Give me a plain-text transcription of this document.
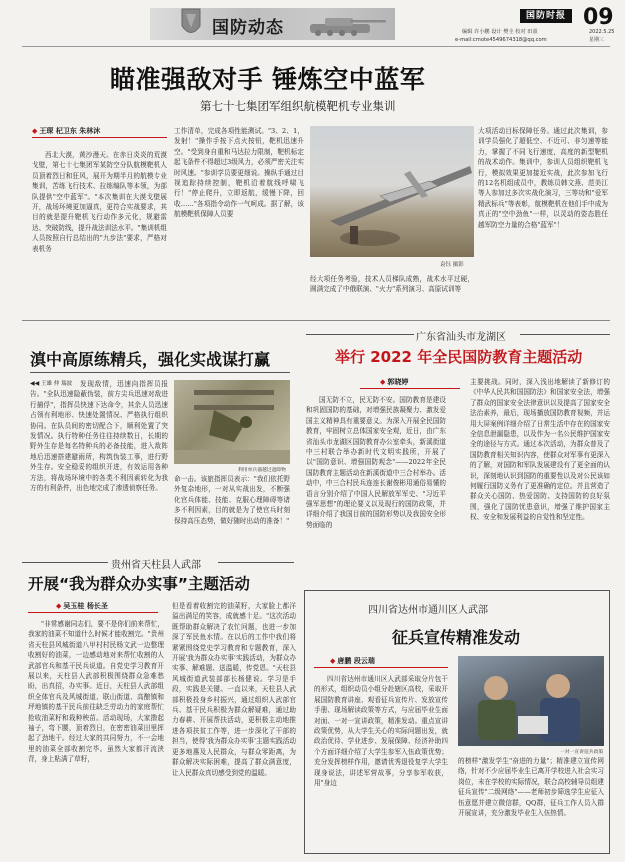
国防动态
国防时报 09
2022.5.25
星期三
编辑 许小鹏 设计 樊圭 校对 田盈
e-mail:cmote4549674318@qq.com
瞄准强敌对手 锤炼空中蓝军
第七十七集团军组织航模靶机专业集训
◆ 王琛 杞卫东 朱林沐
西北大漠，黄沙漫天。在赤日炎炎的荒漠戈壁，第七十七集团军某防空分队航模靶机人员顶着烈日和狂风，展开为期半月的航模专业集训，苦练飞行技术、拉练编队等本领，为部队提供"空中蓝军"。"本次集训在大漠戈壁展开，战场环境更加逼真，更符合实战要求，其目的就是提升靶机飞行动作多元化，规避雷达、突破防线，提升战法训法水平。"集训机组人员按照自行总结出的"九步法"要求，严格对表机务
工作清单，完成各项性能测试。"3、2、1，发射！"操作手按下点火按钮，靶机迅速升空。"受到身自重和马达拉力限制，靶机标定起飞条件不得超过3级风力，必须严密关注实时风速。"参训学员要更细说。操纵手通过目视追踪持续控制，靶机沿着航线呼啸飞行！"停止爬升，立即返航，缓慢下降，回收……"各项指令动作一气呵成。据了解，该航模靶机保障人员要
袁钰 摄影
经大项任务考验，技术人员梯队成熟，战术水平过硬，圆满完成了中俄联演、"火力"系列演习、高原试训等
大项活动目标保障任务。通过此次集训，参训学员强化了超低空、不近可、非匀速等能力，掌握了不同飞行速度，高度的新型靶机的战术动作。集训中，参训人员组织靶机飞行，模拟效果更加接近实战，此次参加飞行的12名机组成员中，教练员韩文燕、范美江等人参加过多次实战化演习，三等功和"爱军精武标兵"等表彰，航模靶机在他们手中成为真正的"空中劲鱼"一样，以灵动的姿态胜任越军防空力量的合格"蓝军"！
滇中高原练精兵，强化实战谋打赢
◀◀ 王雄 仲 瑞波	发现敌情，迅速向指挥员报告。"全队迅速隐蔽伪装，前方尖兵迅速对敌进行捕俘"，指挥员快速下达命令，其余人员迅速占领有利地形、快速处置情况、严格执行组织协同。在队员间的密切配合下，顺利处置了突发情况。执行特种任务往往持续数日，长期的野外生存是每名特种兵的必备技能，进入敌阵地后迅速搭建避雨所，构筑伪装工事，进行野外生存。安全稳妥的组织开进，有效运用各种方法，将战场环境中的各类不利因素转化为我方的有利条件，出色地完成了渗透侦察任务。
利用单兵器越过遮障物
命一击。该旅指挥员表示："我们依托野外复杂地形，一对从实战出发，不断强化官兵体能、技能、克服心理障碍等诸多不利因素，目的就是为了使官兵时刻保持高压态势，做好随时出动的准备！"
广东省汕头市龙湖区
举行 2022 年全民国防教育主题活动
◆ 郭晓婷
国无防不立，民无防不安。国防教育是建设和巩固国防的基础，对增强民族凝聚力、激发爱国主义精神具有重要意义。为深入开展全民国防教育，牢固树立总体国家安全观，近日，由广东省汕头市龙湖区国防教育办公室牵头，新溪街道中三村联合举办新时代文明实践所，开展了以"国防意识、增强国防观念"——2022年全民国防教育主题活动在新溪街道中三合村举办。活动中，中三合村民兵连连长谢俊彬用通俗易懂的语言分别介绍了中国人民解放军军史、"习近平强军思想"的理论要义以及现行的国防政策，并详细介绍了我国目前的国防形势以及我国安全形势面临的
主要挑战。同时，深入浅出地解读了新修订的《中华人民共和国国防法》和国家安全法，增强了群众的国家安全法律意识以及提高了国家安全法治素养，最后，现场播放国防教育视频，并运用大屏案例详细介绍了日常生活中存在的国家安全信息泄漏隐患，以及作为一名公民维护国家安全的途径与方式。通过本次活动，为群众普及了国防教育相关知识内容，使群众对军事有更深入的了解，对国防和军队发展建设有了更全面的认识，深刻地认识到国防的重要性以及对公民该如何履行国防义务有了更准确的定位。并且营造了群众关心国防、热爱国防、支持国防的良好氛围，强化了国防忧患意识，增强了维护国家主权、安全和发展利益的自觉性和坚定性。
贵州省天柱县人武部
开展“我为群众办实事”主题活动
◆ 吴玉桂 杨长圣
"非常感谢同志们，要不是你们前来帮忙，我家的油菜不知道什么时候才能收割完。"贵州省天柱县风城街道八甲村村民杨文武一边整理收割好的油菜，一边感动地对来帮忙收割的人武部官兵和基干民兵说道。自党史学习教育开展以来，天柱县人武部积极围绕群众急难愁盼，出真招，办实事。近日，天柱县人武部组织全体官兵及风城街道、联山街道、高酿镇和坪地镇的基干民兵前往缺乏劳动力的家庭帮忙抢收油菜籽和栽种秧苗。活动现场，大家撸起袖子，弯下腰，顶着烈日，在密密油菜田里挥起了劲地干。经过大家的共同努力，不一会地里的油菜全部收割完毕。虽然大家都汗流浃背，身上粘满了草籽，
但是看着收割完的油菜籽，大家脸上都洋溢出满足的笑容，成就感十足。"这次活动既帮助群众解决了农忙问题，也进一步加深了军民鱼水情。在以后的工作中我们将紧紧围绕党史学习教育和专题教育，深入开展'我为群众办实事'实践活动，为群众办实事、解难题、送温暖，传党恩。"天柱县风城街道武装部部长杨健说。学习是手段，实践是关键。一直以来，天柱县人武部积极投身乡村振兴，通过组织人武部官兵、基干民兵积极为群众解疑难，通过助力春耕、开展帮扶活动，更积极主动地推进各项扶贫工作等，进一步深化了干部的担当，使得'我为群众办实事'主题实践活动更多地惠及人民群众，与群众零距离，为群众解决实际困难，提高了群众满意度，让人民群众真切感受到党的温暖。
四川省达州市通川区人武部
征兵宣传精准发动
◆ 唐鹏 段云瑞
四川省达州市通川区人武部采取分片包干的形式，组织动员小组分赴辖区高校，采取开展国防教育讲座、观看征兵宣传片、发放宣传手册、现场解读政策等方式，与应届毕业生面对面、一对一宣讲政策，精准发动。重点宣讲政策优势，从大学生关心的实际问题出发，就政治优待、学业进步、发展保障、经济补助四个方面详细介绍了大学生参军入伍政策优势；充分发挥榜样作用，邀请优秀退役复学大学生现身说法，讲述军营故事，分享参军收获，用"身边
一对一宣讲征兵政策
的榜样"激发学生"奋进的力量"；精准建立宣传网络，针对不少应届毕业生已离开学校进入社会实习岗位，未在学校的实际情况，联合高校辅导员组建征兵宣传"二级网络"——老师初步筛选学生应征入伍意愿并建立微信群，QQ群，征兵工作人员入群开展宣讲，充分激发毕业生入伍热情。
